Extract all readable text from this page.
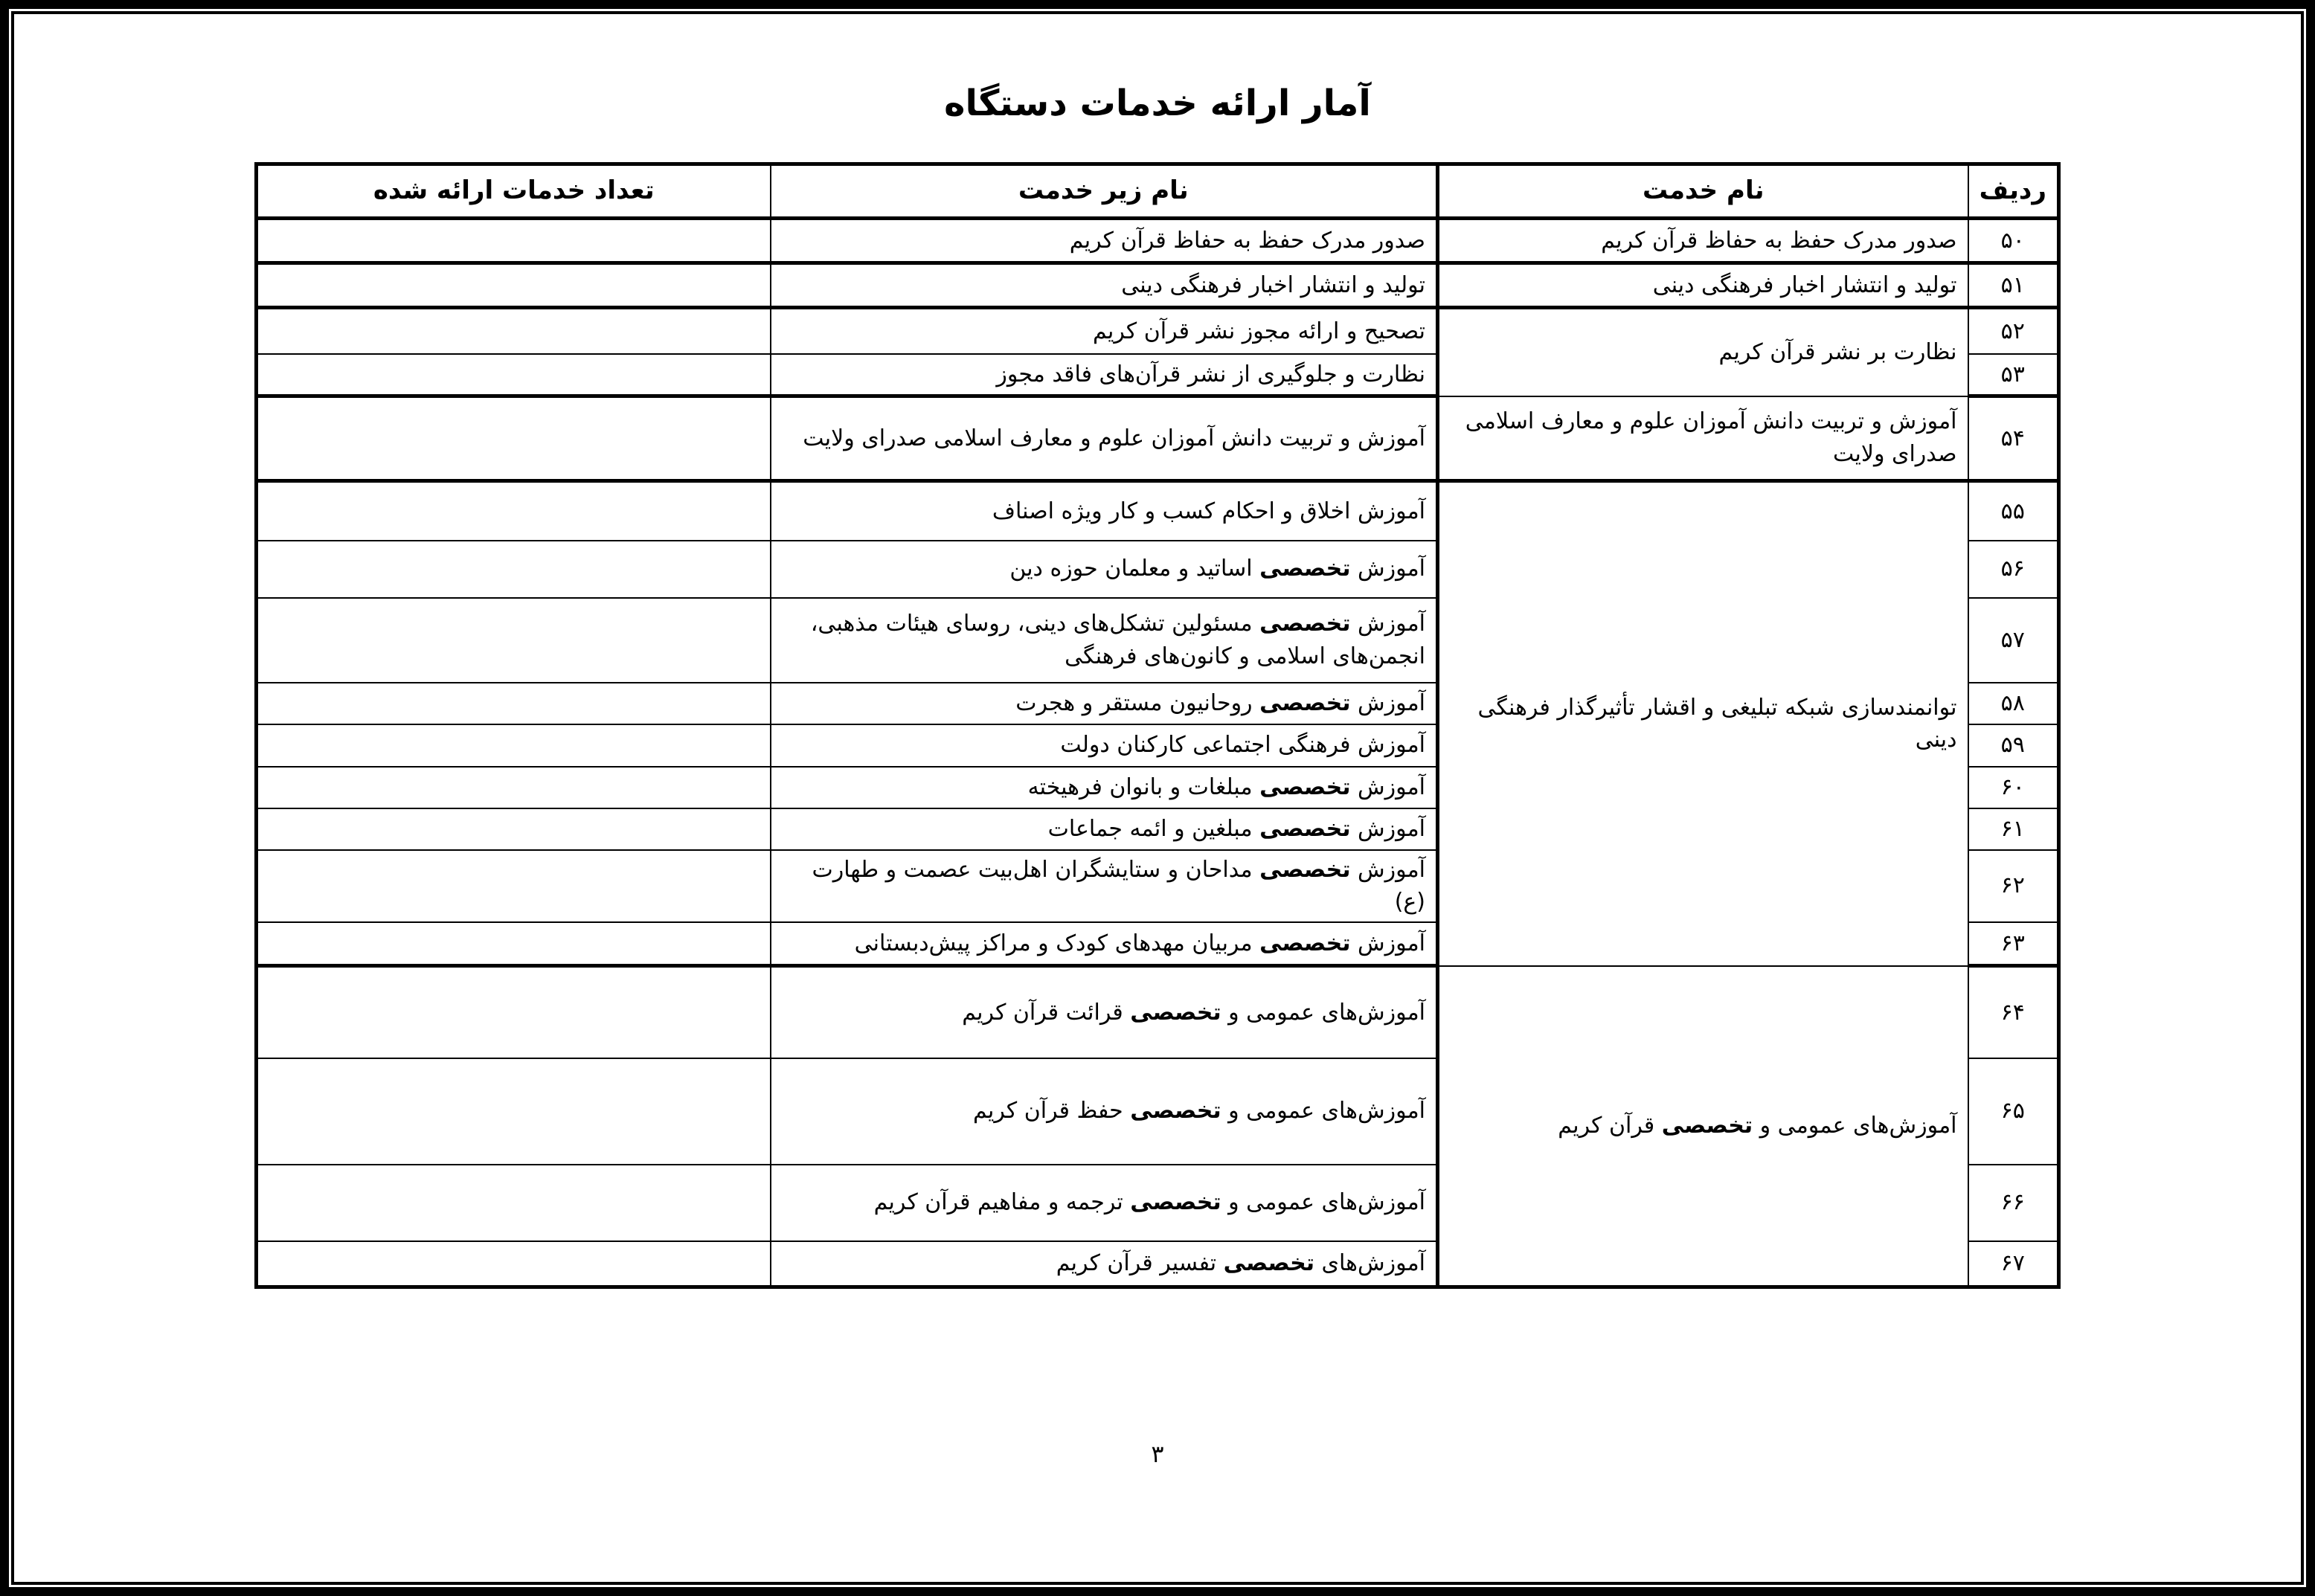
آمار ارائه خدمات دستگاه
ردیف	نام خدمت	نام زیر خدمت	تعداد خدمات ارائه شده
۵۰	صدور مدرک حفظ به حفاظ قرآن کریم	صدور مدرک حفظ به حفاظ قرآن کریم	
۵۱	تولید و انتشار اخبار فرهنگی دینی	تولید و انتشار اخبار فرهنگی دینی	
۵۲	نظارت بر نشر قرآن کریم	تصحیح و ارائه مجوز نشر قرآن کریم	
۵۳		نظارت و جلوگیری از نشر قرآن‌های فاقد مجوز	
۵۴	آموزش و تربیت دانش آموزان علوم و معارف اسلامی صدرای ولایت	آموزش و تربیت دانش آموزان علوم و معارف اسلامی صدرای ولایت	
۵۵	توانمندسازی شبکه تبلیغی و اقشار تأثیرگذار فرهنگی دینی	آموزش اخلاق و احکام کسب و کار ویژه اصناف	
۵۶		آموزش تخصصی اساتید و معلمان حوزه دین	
۵۷		آموزش تخصصی مسئولین تشکل‌های دینی، روسای هیئات مذهبی، انجمن‌های اسلامی و کانون‌های فرهنگی	
۵۸		آموزش تخصصی روحانیون مستقر و هجرت	
۵۹		آموزش فرهنگی اجتماعی کارکنان دولت	
۶۰		آموزش تخصصی مبلغات و بانوان فرهیخته	
۶۱		آموزش تخصصی مبلغین و ائمه جماعات	
۶۲		آموزش تخصصی مداحان و ستایشگران اهل‌بیت عصمت و طهارت (ع)	
۶۳		آموزش تخصصی مربیان مهدهای کودک و مراکز پیش‌دبستانی	
۶۴	آموزش‌های عمومی و تخصصی قرآن کریم	آموزش‌های عمومی و تخصصی قرائت قرآن کریم	
۶۵		آموزش‌های عمومی و تخصصی حفظ قرآن کریم	
۶۶		آموزش‌های عمومی و تخصصی ترجمه و مفاهیم قرآن کریم	
۶۷		آموزش‌های تخصصی تفسیر قرآن کریم	
۳
